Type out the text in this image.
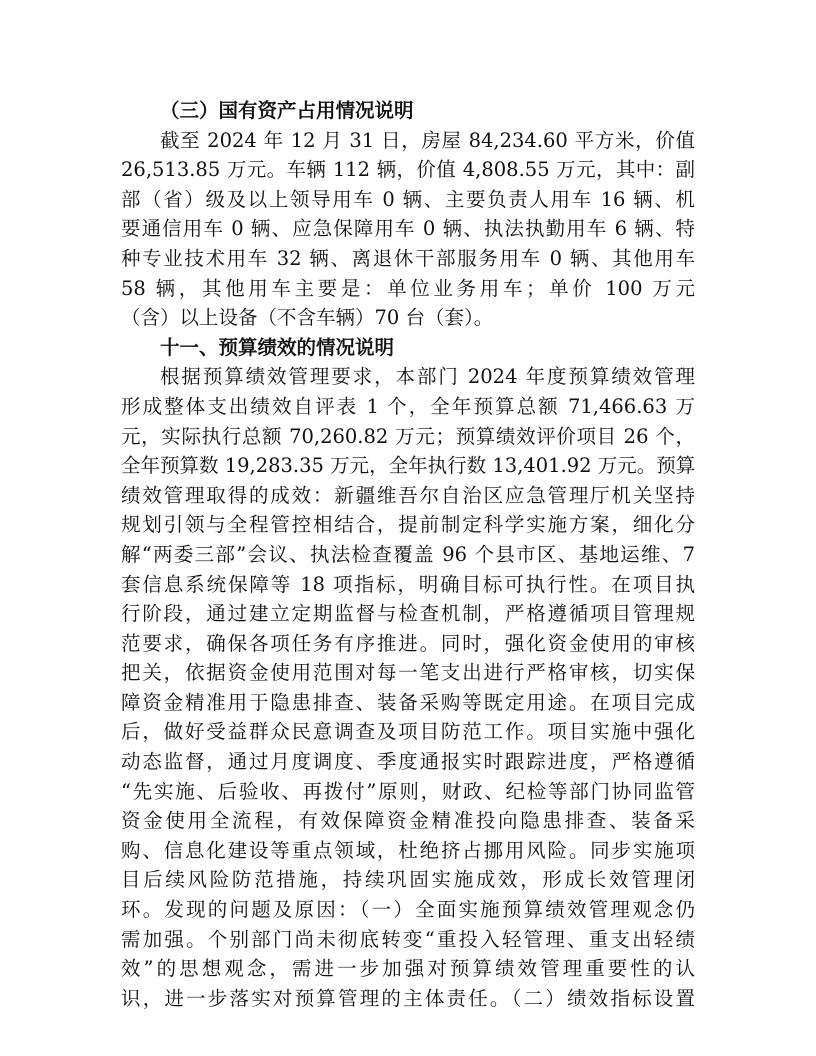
（三）国有资产占用情况说明
截至 2024 年 12 月 31 日，房屋 84,234.60 平方米，价值
26,513.85 万元。车辆 112 辆，价值 4,808.55 万元，其中：副
部（省）级及以上领导用车 0 辆、主要负责人用车 16 辆、机
要通信用车 0 辆、应急保障用车 0 辆、执法执勤用车 6 辆、特
种专业技术用车 32 辆、离退休干部服务用车 0 辆、其他用车
58 辆，其他用车主要是：单位业务用车；单价 100 万元
（含）以上设备（不含车辆）70 台（套）。
十一、预算绩效的情况说明
根据预算绩效管理要求，本部门 2024 年度预算绩效管理
形成整体支出绩效自评表 1 个，全年预算总额 71,466.63 万
元，实际执行总额 70,260.82 万元；预算绩效评价项目 26 个，
全年预算数 19,283.35 万元，全年执行数 13,401.92 万元。预算
绩效管理取得的成效：新疆维吾尔自治区应急管理厅机关坚持
规划引领与全程管控相结合，提前制定科学实施方案，细化分
解“两委三部”会议、执法检查覆盖 96 个县市区、基地运维、7
套信息系统保障等 18 项指标，明确目标可执行性。在项目执
行阶段，通过建立定期监督与检查机制，严格遵循项目管理规
范要求，确保各项任务有序推进。同时，强化资金使用的审核
把关，依据资金使用范围对每一笔支出进行严格审核，切实保
障资金精准用于隐患排查、装备采购等既定用途。在项目完成
后，做好受益群众民意调查及项目防范工作。项目实施中强化
动态监督，通过月度调度、季度通报实时跟踪进度，严格遵循
“先实施、后验收、再拨付”原则，财政、纪检等部门协同监管
资金使用全流程，有效保障资金精准投向隐患排查、装备采
购、信息化建设等重点领域，杜绝挤占挪用风险。同步实施项
目后续风险防范措施，持续巩固实施成效，形成长效管理闭
环。发现的问题及原因：（一）全面实施预算绩效管理观念仍
需加强。个别部门尚未彻底转变“重投入轻管理、重支出轻绩
效”的思想观念，需进一步加强对预算绩效管理重要性的认
识，进一步落实对预算管理的主体责任。（二）绩效指标设置
